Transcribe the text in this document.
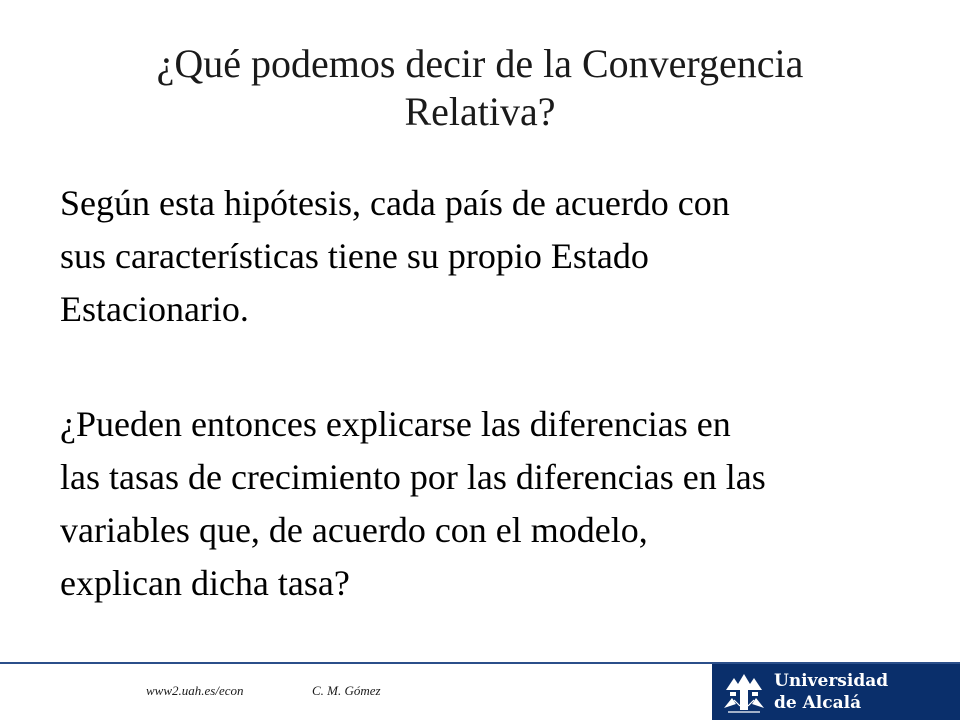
¿Qué podemos decir de la Convergencia
Relativa?

Según esta hipótesis, cada país de acuerdo con
sus características tiene su propio Estado
Estacionario.

¿Pueden entonces explicarse las diferencias en
las tasas de crecimiento por las diferencias en las
variables que, de acuerdo con el modelo,
explican dicha tasa?

www2.uah.es/econ	C. M. Gómez	Universidad
de Alcalá
